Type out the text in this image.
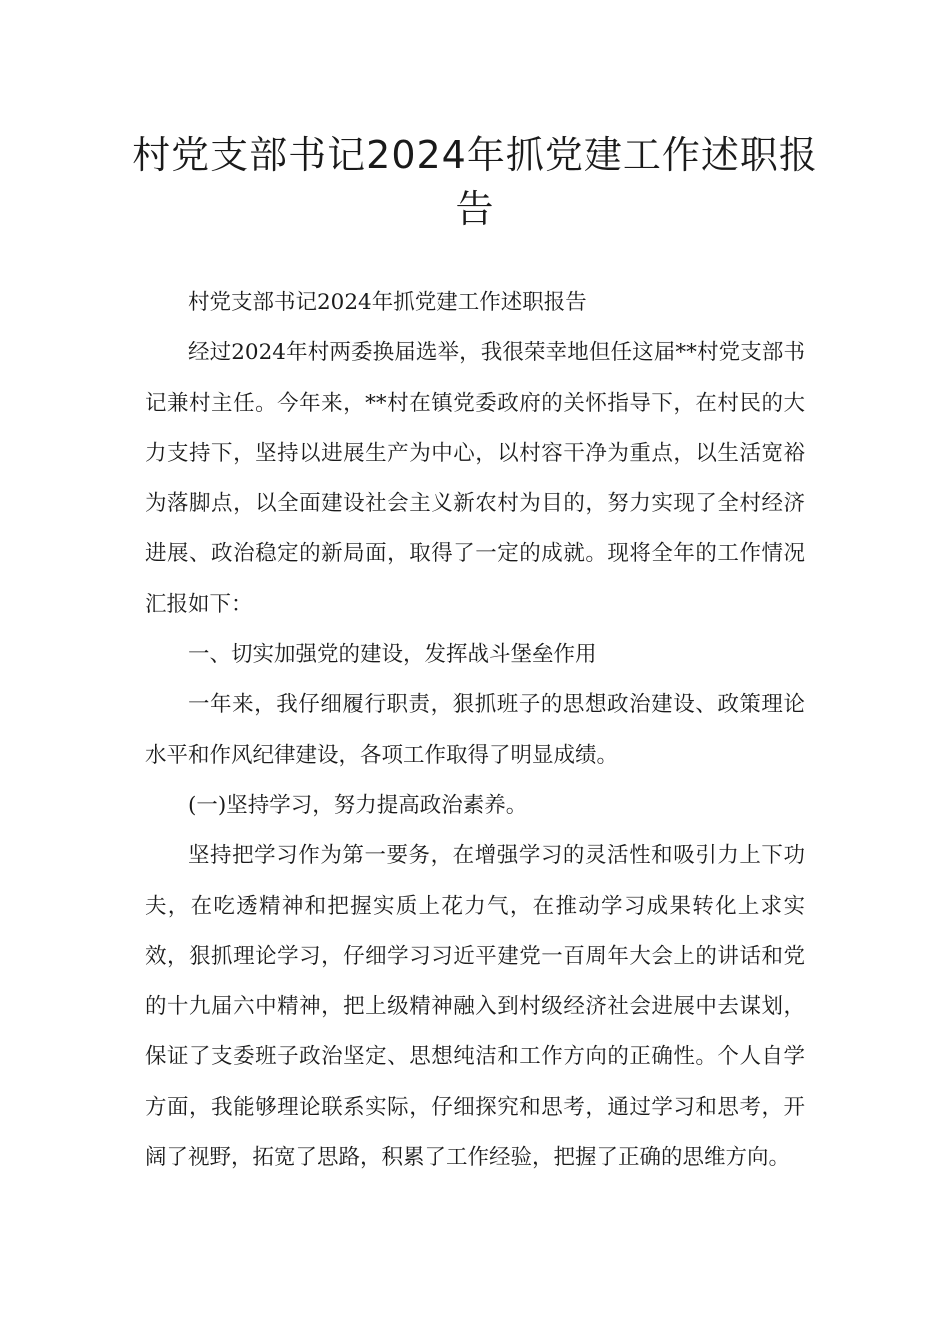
村党支部书记2024年抓党建工作述职报告

村党支部书记2024年抓党建工作述职报告

经过2024年村两委换届选举，我很荣幸地但任这届**村党支部书记兼村主任。今年来，**村在镇党委政府的关怀指导下，在村民的大力支持下，坚持以进展生产为中心，以村容干净为重点，以生活宽裕为落脚点，以全面建设社会主义新农村为目的，努力实现了全村经济进展、政治稳定的新局面，取得了一定的成就。现将全年的工作情况汇报如下：

一、切实加强党的建设，发挥战斗堡垒作用

一年来，我仔细履行职责，狠抓班子的思想政治建设、政策理论水平和作风纪律建设，各项工作取得了明显成绩。

(一)坚持学习，努力提高政治素养。

坚持把学习作为第一要务，在增强学习的灵活性和吸引力上下功夫，在吃透精神和把握实质上花力气，在推动学习成果转化上求实效，狠抓理论学习，仔细学习习近平建党一百周年大会上的讲话和党的十九届六中精神，把上级精神融入到村级经济社会进展中去谋划，保证了支委班子政治坚定、思想纯洁和工作方向的正确性。个人自学方面，我能够理论联系实际，仔细探究和思考，通过学习和思考，开阔了视野，拓宽了思路，积累了工作经验，把握了正确的思维方向。
